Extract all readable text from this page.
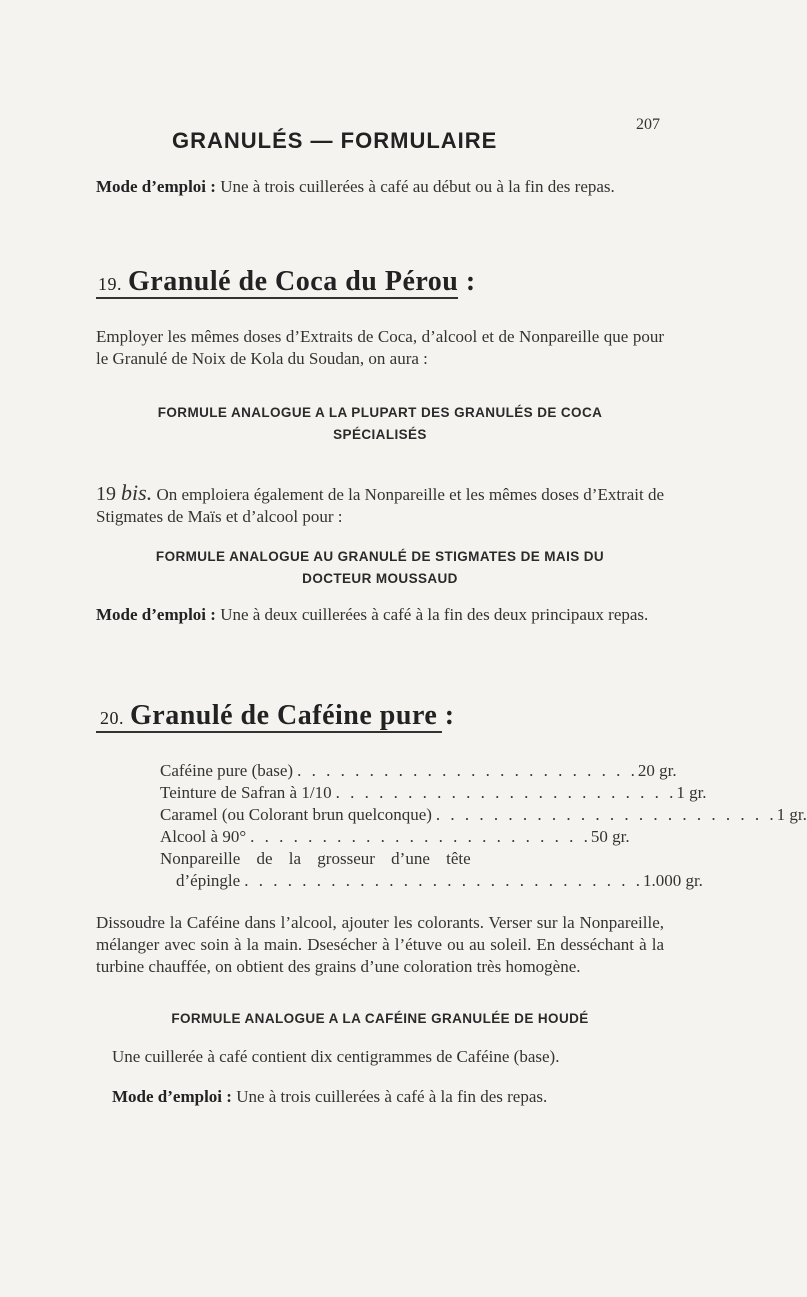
GRANULÉS — FORMULAIRE
207
Mode d’emploi : Une à trois cuillerées à café au début ou à la fin des repas.
19. Granulé de Coca du Pérou :
Employer les mêmes doses d’Extraits de Coca, d’alcool et de Nonpareille que pour le Granulé de Noix de Kola du Soudan, on aura :
FORMULE ANALOGUE A LA PLUPART DES GRANULÉS DE COCA
SPÉCIALISÉS
19 bis. On emploiera également de la Nonpareille et les mêmes doses d’Extrait de Stigmates de Maïs et d’alcool pour :
FORMULE ANALOGUE AU GRANULÉ DE STIGMATES DE MAIS DU
DOCTEUR MOUSSAUD
Mode d’emploi : Une à deux cuillerées à café à la fin des deux principaux repas.
20. Granulé de Caféine pure :
Caféine pure (base) . . . . . . . . . . . . . . . . . . . . . . . . 20 gr.
Teinture de Safran à 1/10 . . . . . . . . . . . . . . . . . . . . . . . . 1 gr.
Caramel (ou Colorant brun quelconque) . . . . . . . . . . . . . . . . . . . . . . . . 1 gr.
Alcool à 90° . . . . . . . . . . . . . . . . . . . . . . . . 50 gr.
Nonpareille de la grosseur d’une tête
d’épingle . . . . . . . . . . . . . . . . . . . . . . . . . . . . 1.000 gr.
Dissoudre la Caféine dans l’alcool, ajouter les colorants. Verser sur la Nonpareille, mélanger avec soin à la main. Dsesécher à l’étuve ou au soleil. En desséchant à la turbine chauffée, on obtient des grains d’une coloration très homogène.
FORMULE ANALOGUE A LA CAFÉINE GRANULÉE DE HOUDÉ
Une cuillerée à café contient dix centigrammes de Caféine (base).
Mode d’emploi : Une à trois cuillerées à café à la fin des repas.
